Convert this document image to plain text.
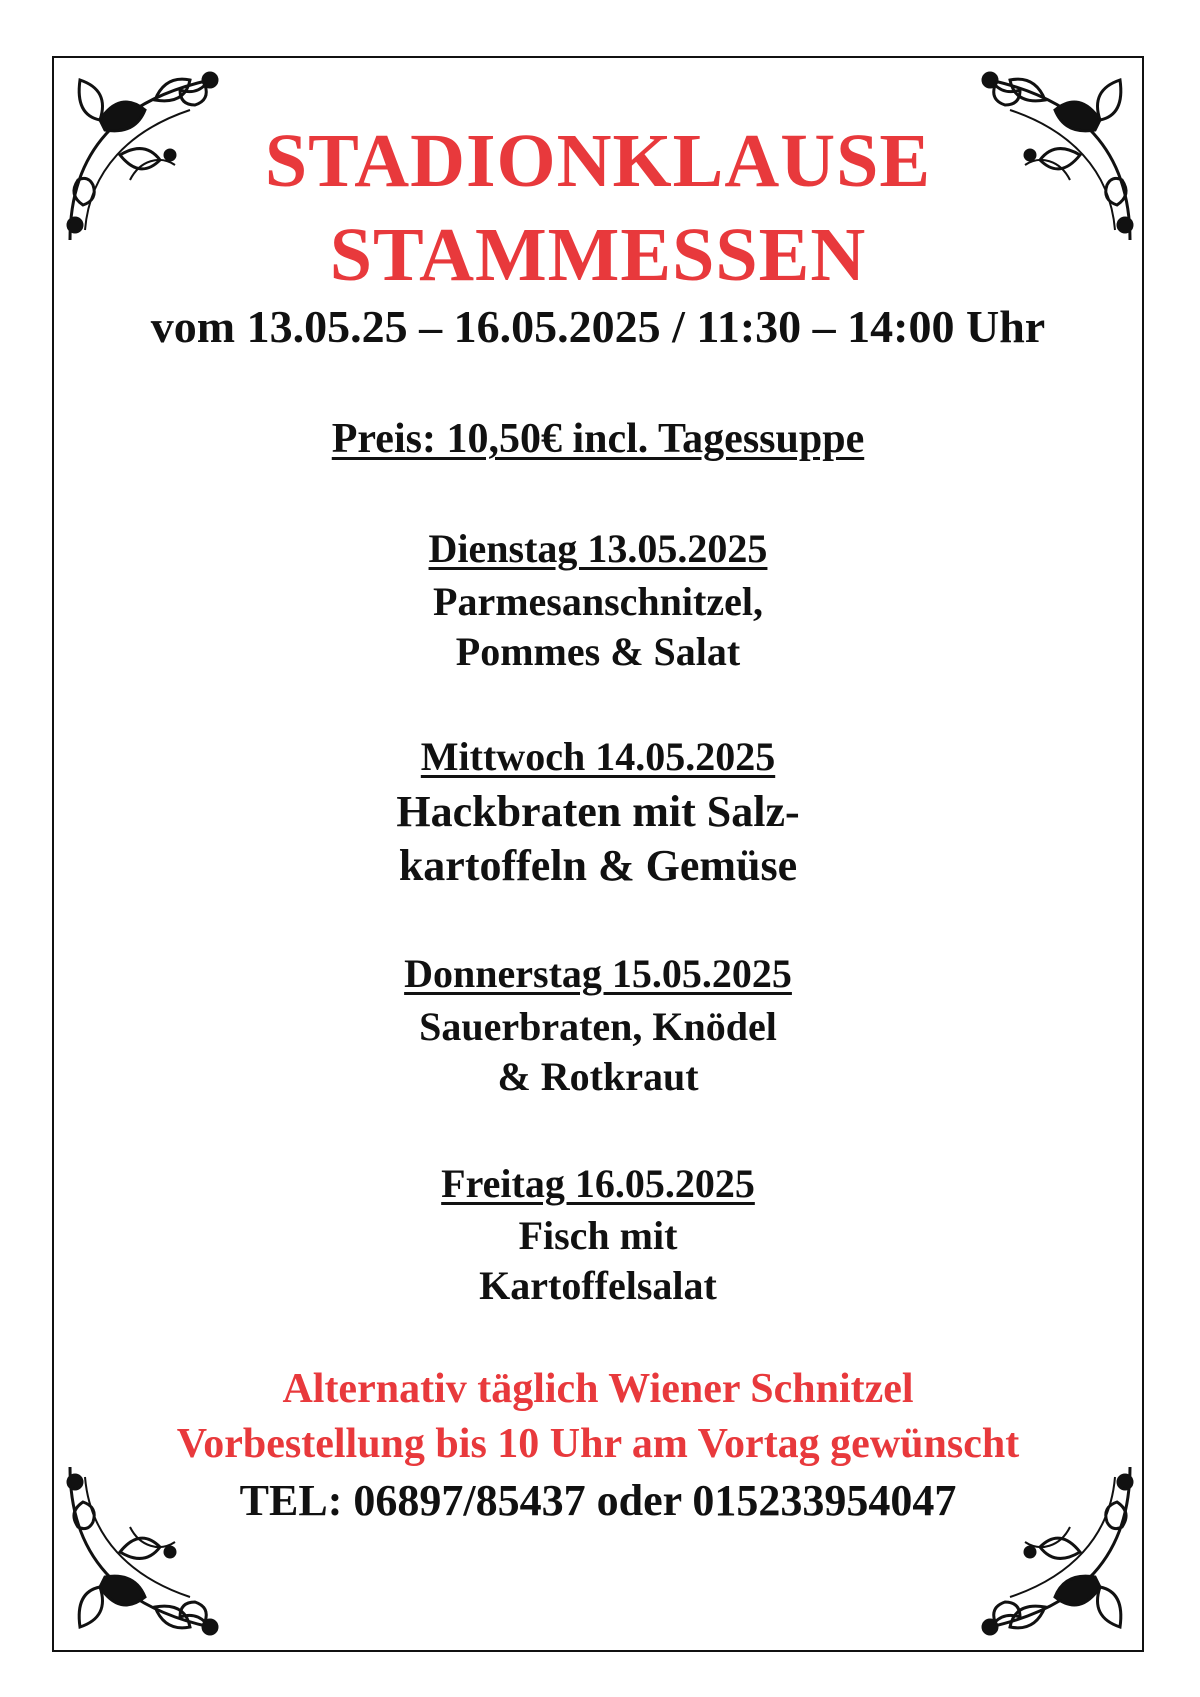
STADIONKLAUSE
STAMMESSEN
vom 13.05.25 – 16.05.2025 / 11:30 – 14:00 Uhr
Preis: 10,50€ incl. Tagessuppe
Dienstag 13.05.2025
Parmesanschnitzel,
Pommes & Salat
Mittwoch 14.05.2025
Hackbraten mit Salz-
kartoffeln & Gemüse
Donnerstag 15.05.2025
Sauerbraten, Knödel
& Rotkraut
Freitag 16.05.2025
Fisch mit
Kartoffelsalat
Alternativ täglich Wiener Schnitzel
Vorbestellung bis 10 Uhr am Vortag gewünscht
TEL: 06897/85437 oder 015233954047
